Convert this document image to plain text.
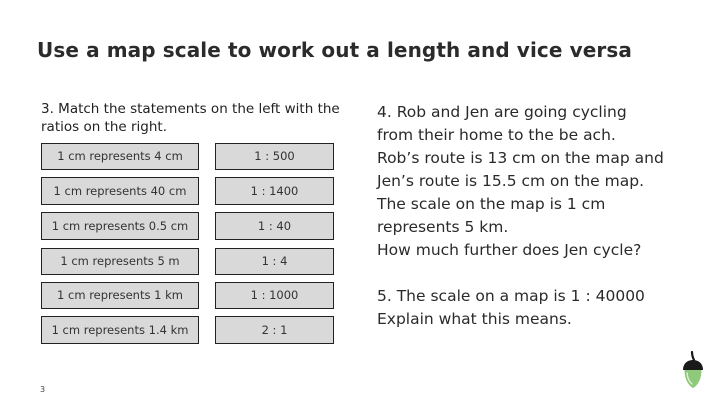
Use a map scale to work out a length and vice versa
3. Match the statements on the left with the ratios on the right.
1 cm represents 4 cm
1 cm represents 40 cm
1 cm represents 0.5 cm
1 cm represents 5 m
1 cm represents 1 km
1 cm represents 1.4 km
1 : 500
1 : 1400
1 : 40
1 : 4
1 : 1000
2 : 1
4. Rob and Jen are going cycling
from their home to the be ach.
Rob’s route is 13 cm on the map and
Jen’s route is 15.5 cm on the map.
The scale on the map is 1 cm
represents 5 km.
How much further does Jen cycle?
5. The scale on a map is 1 : 40000
Explain what this means.
3
